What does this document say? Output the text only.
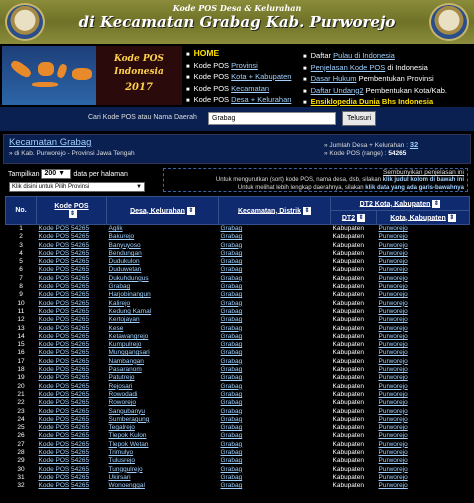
Kode POS Desa & Kelurahan
di Kecamatan Grabag Kab. Purworejo
Kode POS
Indonesia
2017
■ HOME
■ Kode POS Provinsi
■ Kode POS Kota + Kabupaten
■ Kode POS Kecamatan
■ Kode POS Desa + Kelurahan
■ Daftar Pulau di Indonesia
■ Penjelasan Kode POS di Indonesia
■ Dasar Hukum Pembentukan Provinsi
■ Daftar Undang2 Pembentukan Kota/Kab.
■ Ensiklopedia Dunia Bhs Indonesia
Cari Kode POS atau Nama Daerah
Grabag	Telusuri
Kecamatan Grabag
» di Kab. Purworejo - Provinsi Jawa Tengah
» Jumlah Desa + Kelurahan : 32
» Kode POS (range) : 54265
Tampilkan 200 ▼ data per halaman
Klik disini untuk Pilih Provinsi	▼
Sembunyikan penjelasan ini
Untuk mengurutkan (sort) kode POS, nama desa, dsb, silakan klik judul kolom di bawah ini
Untuk melihat lebih lengkap daerahnya, silakan klik data yang ada garis-bawahnya
No.	Kode POS
⇕	Desa, Kelurahan ⇕	Kecamatan, Distrik ⇕	DT2 Kota, Kabupaten ⇕	
				DT2 ⇕	Kota, Kabupaten ⇕
1	Kode POS 54265	Aglik	Grabag	Kabupaten	Purworejo
2	Kode POS 54265	Bakurejo	Grabag	Kabupaten	Purworejo
3	Kode POS 54265	Banyuyoso	Grabag	Kabupaten	Purworejo
4	Kode POS 54265	Bendungan	Grabag	Kabupaten	Purworejo
5	Kode POS 54265	Dudukulon	Grabag	Kabupaten	Purworejo
6	Kode POS 54265	Duduwetan	Grabag	Kabupaten	Purworejo
7	Kode POS 54265	Dukuhdungus	Grabag	Kabupaten	Purworejo
8	Kode POS 54265	Grabag	Grabag	Kabupaten	Purworejo
9	Kode POS 54265	Harjobinangun	Grabag	Kabupaten	Purworejo
10	Kode POS 54265	Kalirejo	Grabag	Kabupaten	Purworejo
11	Kode POS 54265	Kedung Kamal	Grabag	Kabupaten	Purworejo
12	Kode POS 54265	Kertojayan	Grabag	Kabupaten	Purworejo
13	Kode POS 54265	Kese	Grabag	Kabupaten	Purworejo
14	Kode POS 54265	Ketawangrejo	Grabag	Kabupaten	Purworejo
15	Kode POS 54265	Kumpulrejo	Grabag	Kabupaten	Purworejo
16	Kode POS 54265	Munggangsari	Grabag	Kabupaten	Purworejo
17	Kode POS 54265	Nambangan	Grabag	Kabupaten	Purworejo
18	Kode POS 54265	Pasaranom	Grabag	Kabupaten	Purworejo
19	Kode POS 54265	Patutrejo	Grabag	Kabupaten	Purworejo
20	Kode POS 54265	Rejosari	Grabag	Kabupaten	Purworejo
21	Kode POS 54265	Rowodadi	Grabag	Kabupaten	Purworejo
22	Kode POS 54265	Roworejo	Grabag	Kabupaten	Purworejo
23	Kode POS 54265	Sangubanyu	Grabag	Kabupaten	Purworejo
24	Kode POS 54265	Sumberagung	Grabag	Kabupaten	Purworejo
25	Kode POS 54265	Tegalrejo	Grabag	Kabupaten	Purworejo
26	Kode POS 54265	Tlepok Kulon	Grabag	Kabupaten	Purworejo
27	Kode POS 54265	Tlepok Wetan	Grabag	Kabupaten	Purworejo
28	Kode POS 54265	Trimulyo	Grabag	Kabupaten	Purworejo
29	Kode POS 54265	Tulusrejo	Grabag	Kabupaten	Purworejo
30	Kode POS 54265	Tunggulrejo	Grabag	Kabupaten	Purworejo
31	Kode POS 54265	Ukirsari	Grabag	Kabupaten	Purworejo
32	Kode POS 54265	Wonoenggal	Grabag	Kabupaten	Purworejo
